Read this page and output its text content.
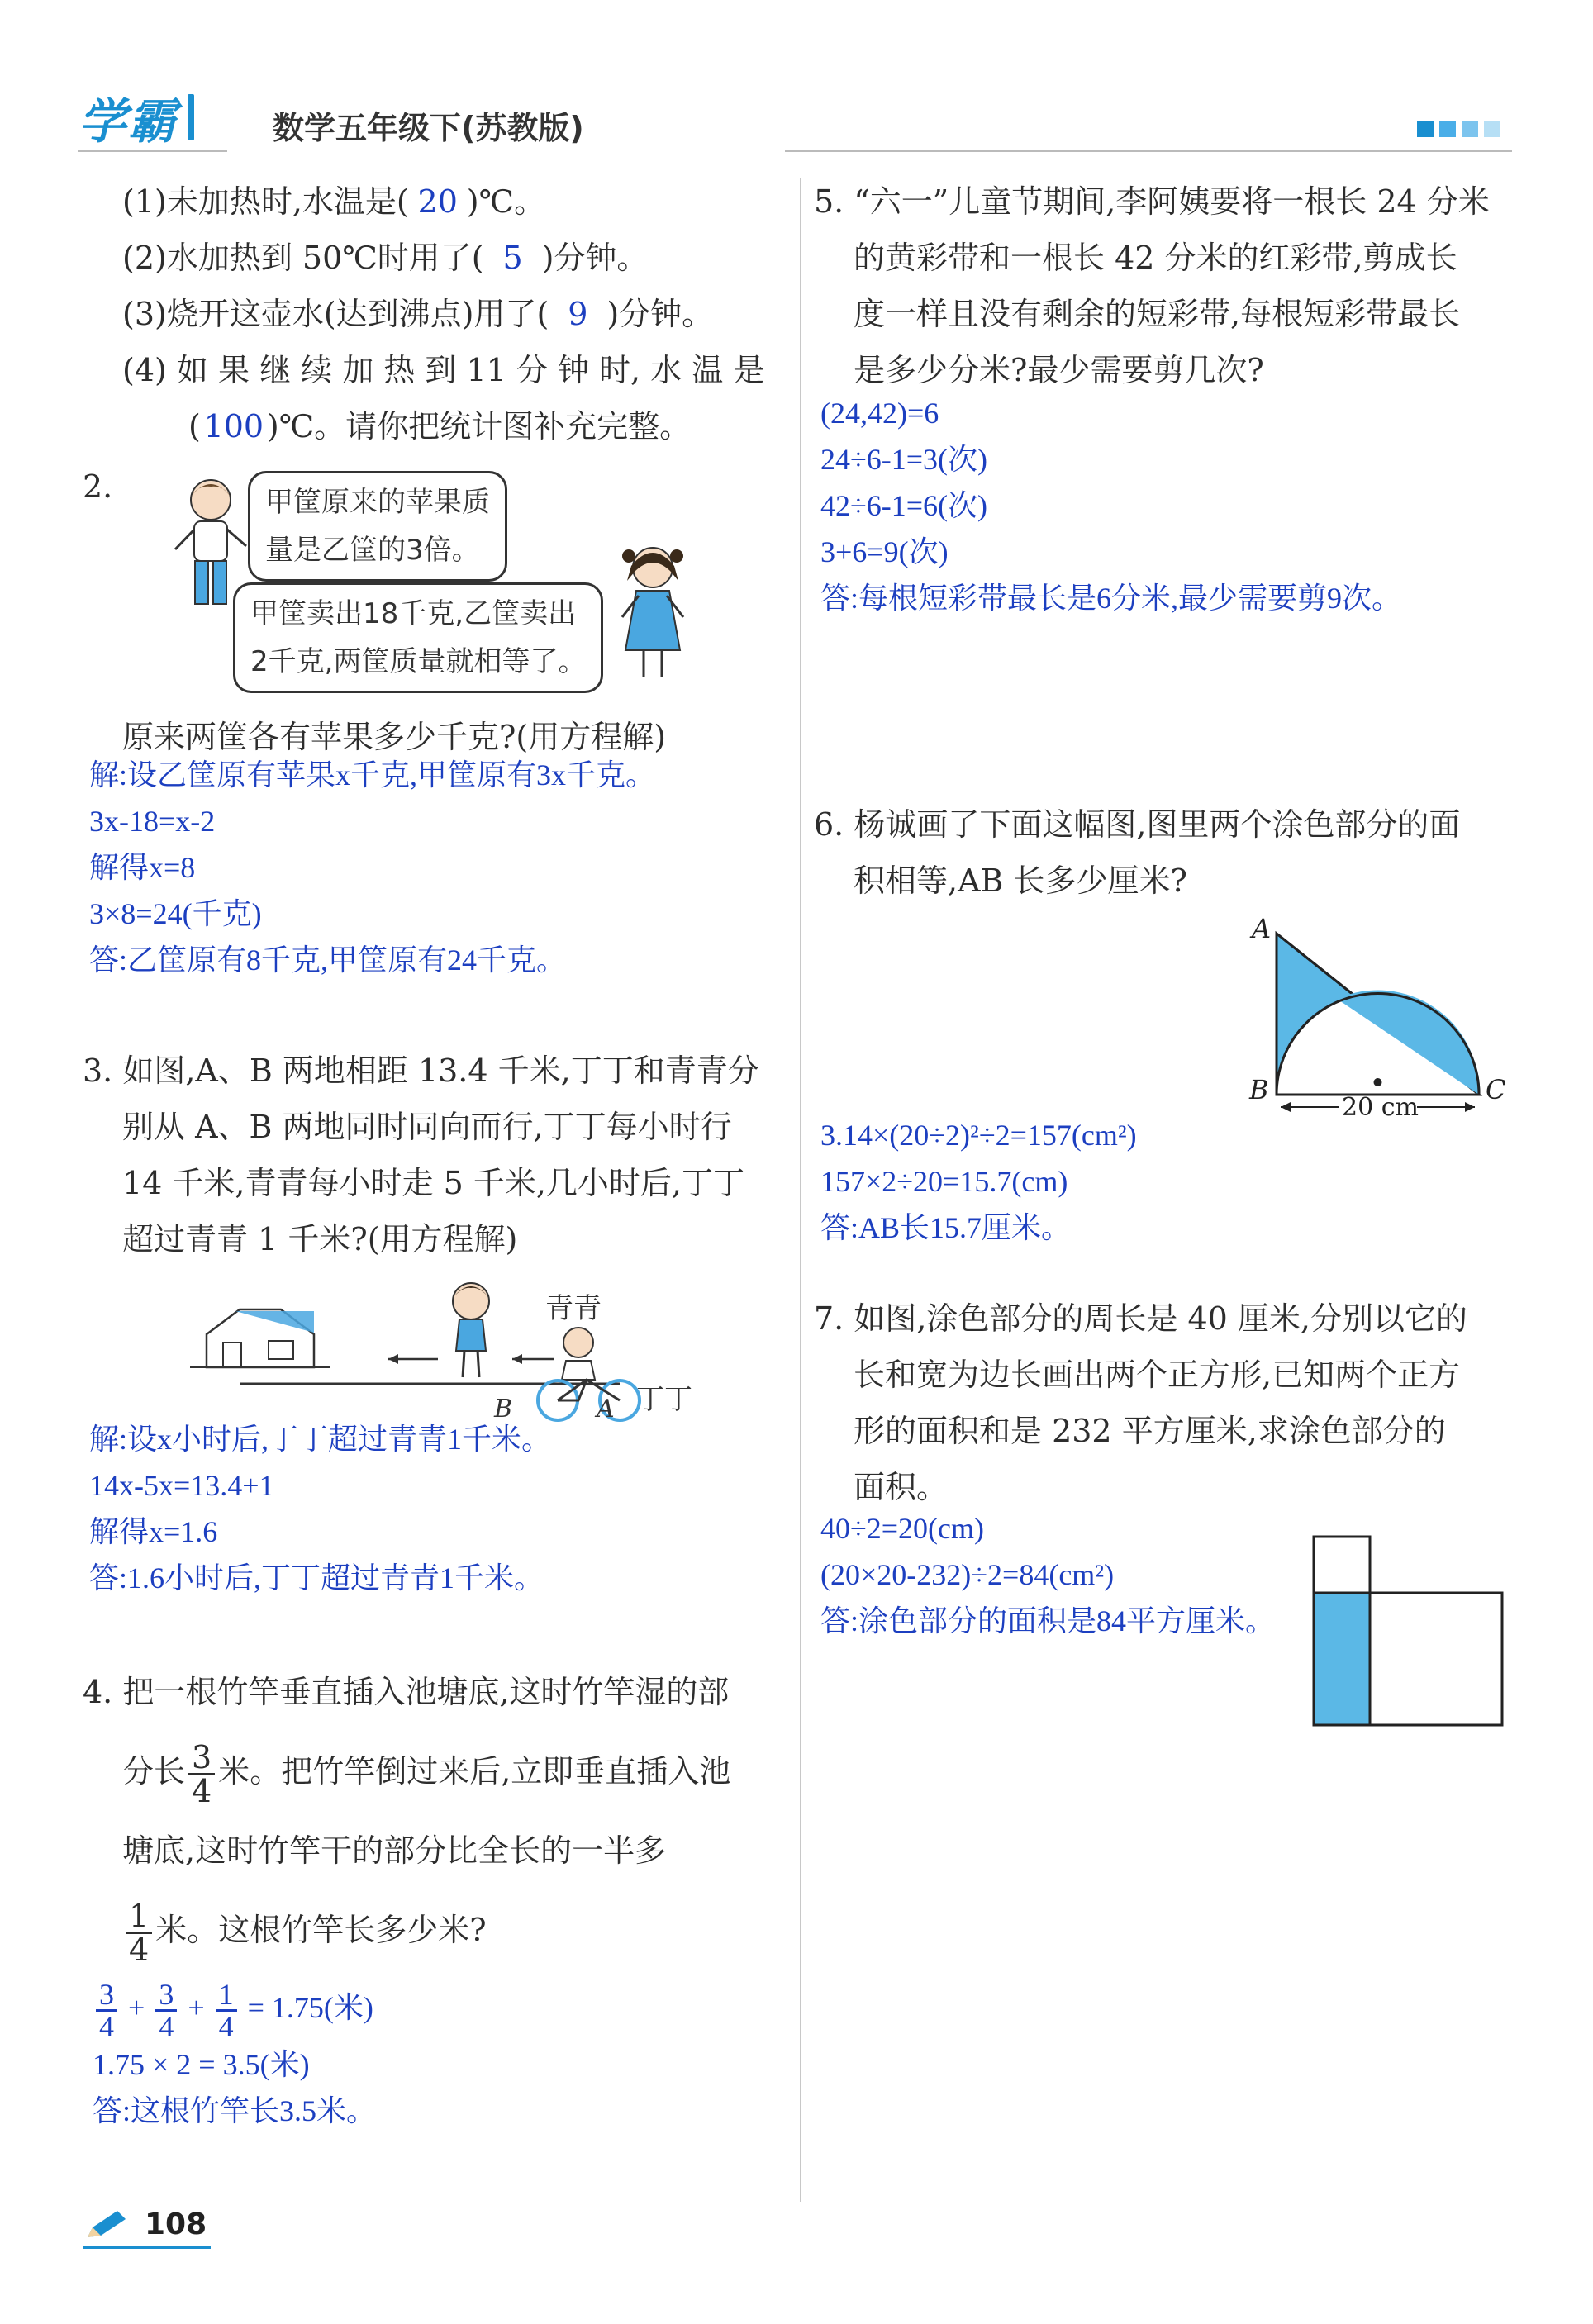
学霸	数学五年级下(苏教版)

(1)未加热时,水温是( 20 )℃。

(2)水加热到 50℃时用了( 5 )分钟。

(3)烧开这壶水(达到沸点)用了( 9 )分钟。

(4) 如 果 继 续 加 热 到 11 分 钟 时, 水 温 是

(100)℃。请你把统计图补充完整。

2.	甲筐原来的苹果质
量是乙筐的3倍。
甲筐卖出18千克,乙筐卖出
2千克,两筐质量就相等了。
原来两筐各有苹果多少千克?(用方程解)

解:设乙筐原有苹果x千克,甲筐原有3x千克。

3x-18=x-2

解得x=8

3×8=24(千克)

答:乙筐原有8千克,甲筐原有24千克。

3. 如图,A、B 两地相距 13.4 千米,丁丁和青青分

别从 A、B 两地同时同向而行,丁丁每小时行

14 千米,青青每小时走 5 千米,几小时后,丁丁

超过青青 1 千米?(用方程解)

青青
丁丁
B	A

解:设x小时后,丁丁超过青青1千米。

14x-5x=13.4+1

解得x=1.6

答:1.6小时后,丁丁超过青青1千米。

4. 把一根竹竿垂直插入池塘底,这时竹竿湿的部

分长 $\frac{3}{4}$ 米。把竹竿倒过来后,立即垂直插入池

塘底,这时竹竿干的部分比全长的一半多

$\frac{1}{4}$ 米。这根竹竿长多少米?

$\frac{3}{4} + \frac{3}{4} + \frac{1}{4} = 1.75$(米)

1.75 × 2 = 3.5(米)

答:这根竹竿长3.5米。

5. “六一”儿童节期间,李阿姨要将一根长 24 分米

的黄彩带和一根长 42 分米的红彩带,剪成长

度一样且没有剩余的短彩带,每根短彩带最长

是多少分米?最少需要剪几次?

(24,42)=6

24÷6-1=3(次)

42÷6-1=6(次)

3+6=9(次)

答:每根短彩带最长是6分米,最少需要剪9次。

6. 杨诚画了下面这幅图,图里两个涂色部分的面

积相等,AB 长多少厘米?

A
B	C
20 cm

3.14×(20÷2)²÷2=157(cm²)

157×2÷20=15.7(cm)

答:AB长15.7厘米。

7. 如图,涂色部分的周长是 40 厘米,分别以它的

长和宽为边长画出两个正方形,已知两个正方

形的面积和是 232 平方厘米,求涂色部分的

面积。

40÷2=20(cm)

(20×20-232)÷2=84(cm²)

答:涂色部分的面积是84平方厘米。

108
